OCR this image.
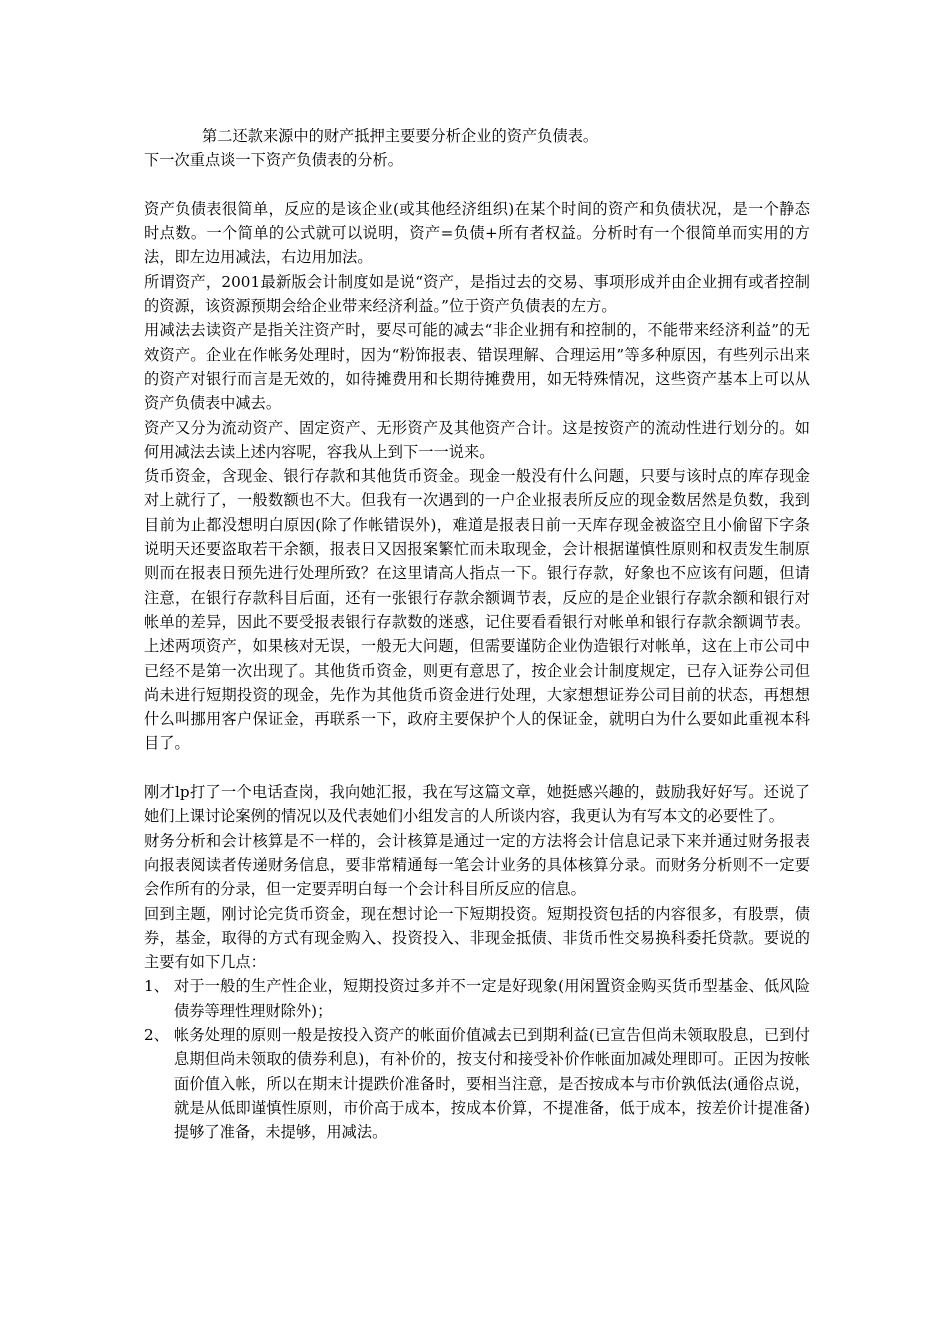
第二还款来源中的财产抵押主要要分析企业的资产负债表。

下一次重点谈一下资产负债表的分析。

资产负债表很简单，反应的是该企业(或其他经济组织)在某个时间的资产和负债状况，是一个静态时点数。一个简单的公式就可以说明，资产=负债+所有者权益。分析时有一个很简单而实用的方法，即左边用减法，右边用加法。

所谓资产，2001最新版会计制度如是说“资产，是指过去的交易、事项形成并由企业拥有或者控制的资源，该资源预期会给企业带来经济利益。”位于资产负债表的左方。

用减法去读资产是指关注资产时，要尽可能的减去“非企业拥有和控制的，不能带来经济利益”的无效资产。企业在作帐务处理时，因为“粉饰报表、错误理解、合理运用”等多种原因，有些列示出来的资产对银行而言是无效的，如待摊费用和长期待摊费用，如无特殊情况，这些资产基本上可以从资产负债表中减去。

资产又分为流动资产、固定资产、无形资产及其他资产合计。这是按资产的流动性进行划分的。如何用减法去读上述内容呢，容我从上到下一一说来。

货币资金，含现金、银行存款和其他货币资金。现金一般没有什么问题，只要与该时点的库存现金对上就行了，一般数额也不大。但我有一次遇到的一户企业报表所反应的现金数居然是负数，我到目前为止都没想明白原因(除了作帐错误外)，难道是报表日前一天库存现金被盗空且小偷留下字条说明天还要盗取若干余额，报表日又因报案繁忙而未取现金，会计根据谨慎性原则和权责发生制原则而在报表日预先进行处理所致？在这里请高人指点一下。银行存款，好象也不应该有问题，但请注意，在银行存款科目后面，还有一张银行存款余额调节表，反应的是企业银行存款余额和银行对帐单的差异，因此不要受报表银行存款数的迷惑，记住要看看银行对帐单和银行存款余额调节表。上述两项资产，如果核对无误，一般无大问题，但需要谨防企业伪造银行对帐单，这在上市公司中已经不是第一次出现了。其他货币资金，则更有意思了，按企业会计制度规定，已存入证券公司但尚未进行短期投资的现金，先作为其他货币资金进行处理，大家想想证券公司目前的状态，再想想什么叫挪用客户保证金，再联系一下，政府主要保护个人的保证金，就明白为什么要如此重视本科目了。

刚才lp打了一个电话查岗，我向她汇报，我在写这篇文章，她挺感兴趣的，鼓励我好好写。还说了她们上课讨论案例的情况以及代表她们小组发言的人所谈内容，我更认为有写本文的必要性了。

财务分析和会计核算是不一样的，会计核算是通过一定的方法将会计信息记录下来并通过财务报表向报表阅读者传递财务信息，要非常精通每一笔会计业务的具体核算分录。而财务分析则不一定要会作所有的分录，但一定要弄明白每一个会计科目所反应的信息。

回到主题，刚讨论完货币资金，现在想讨论一下短期投资。短期投资包括的内容很多，有股票，债券，基金，取得的方式有现金购入、投资投入、非现金抵债、非货币性交易换科委托贷款。要说的主要有如下几点：

1、 对于一般的生产性企业，短期投资过多并不一定是好现象(用闲置资金购买货币型基金、低风险债券等理性理财除外)；
2、 帐务处理的原则一般是按投入资产的帐面价值减去已到期利益(已宣告但尚未领取股息，已到付息期但尚未领取的债券利息)，有补价的，按支付和接受补价作帐面加减处理即可。正因为按帐面价值入帐，所以在期末计提跌价准备时，要相当注意，是否按成本与市价孰低法(通俗点说，就是从低即谨慎性原则，市价高于成本，按成本价算，不提准备，低于成本，按差价计提准备)提够了准备，未提够，用减法。
